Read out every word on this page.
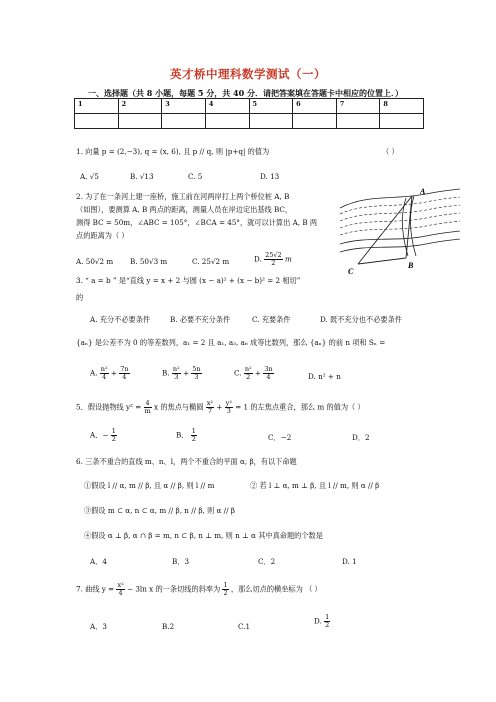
英才桥中理科数学测试（一）
一、选择题（共 8 小题，每题 5 分，共 40 分．请把答案填在答题卡中相应的位置上．）
1	2	3	4	5	6	7	8

1. 向量 p = (2,−3), q = (x, 6), 且 p // q, 则 |p+q| 的值为	（ ）
A. √5	B. √13	C. 5	D. 13
2. 为了在一条河上建一座桥，施工前在河两岸打上两个桥位桩 A, B
（如图），要测算 A, B 两点的距离，测量人员在岸边定出基线 BC，
测得 BC = 50m，∠ABC = 105°，∠BCA = 45°，就可以计算出 A, B 两
点的距离为（ ）
A. 50√2 m B. 50√3 m	C. 25√2 m	D. $\frac{25√2}{2}$ m
A
B
C
3. “ a = b ” 是“直线 y = x + 2 与圆 (x − a)² + (x − b)² = 2 相切”
的
A. 充分不必要条件	B. 必要不充分条件	C. 充要条件	D. 既不充分也不必要条件
{aₙ} 是公差不为 0 的等差数列，a₁ = 2 且 a₁, a₃, a₆ 成等比数列，那么 {aₙ} 的前 n 项和 Sₙ =
A. $\frac{\text{n²}}{4} + \frac{7n}{4}$	B. $\frac{\text{n²}}{3} + \frac{5n}{3}$	C. $\frac{\text{n²}}{2} + \frac{3n}{4}$	D. n² + n
5．假设抛物线 $y^2 = \frac{4}{m}$ x 的焦点与椭圆 $\frac{\text{x²}}{7} + \frac{\text{y²}}{3} = 1$ 的左焦点重合，那么 m 的值为（ ）
A．− $\frac{1}{2}$	B． $\frac{1}{2}$	C．−2	D．2
6. 三条不重合的直线 m、n、l，两个不重合的平面 α, β，有以下命题
①假设 l // α, m // β, 且 α // β, 则 l // m	② 若 l ⊥ α, m ⊥ β, 且 l // m, 则 α // β
③假设 m ⊂ α, n ⊂ α, m // β, n // β, 则 α // β
④假设 α ⊥ β, α ∩ β = m, n ⊂ β, n ⊥ m, 则 n ⊥ α 其中真命题的个数是
A．4	B．3	C．2	D. 1
7. 曲线 $y = \frac{\text{x²}}{4} - 3\ln$ x 的一条切线的斜率为 $\frac{1}{2}$ ，那么切点的横坐标为 （ ）
A．3	B.2	C.1
D. $\frac{1}{2}$
